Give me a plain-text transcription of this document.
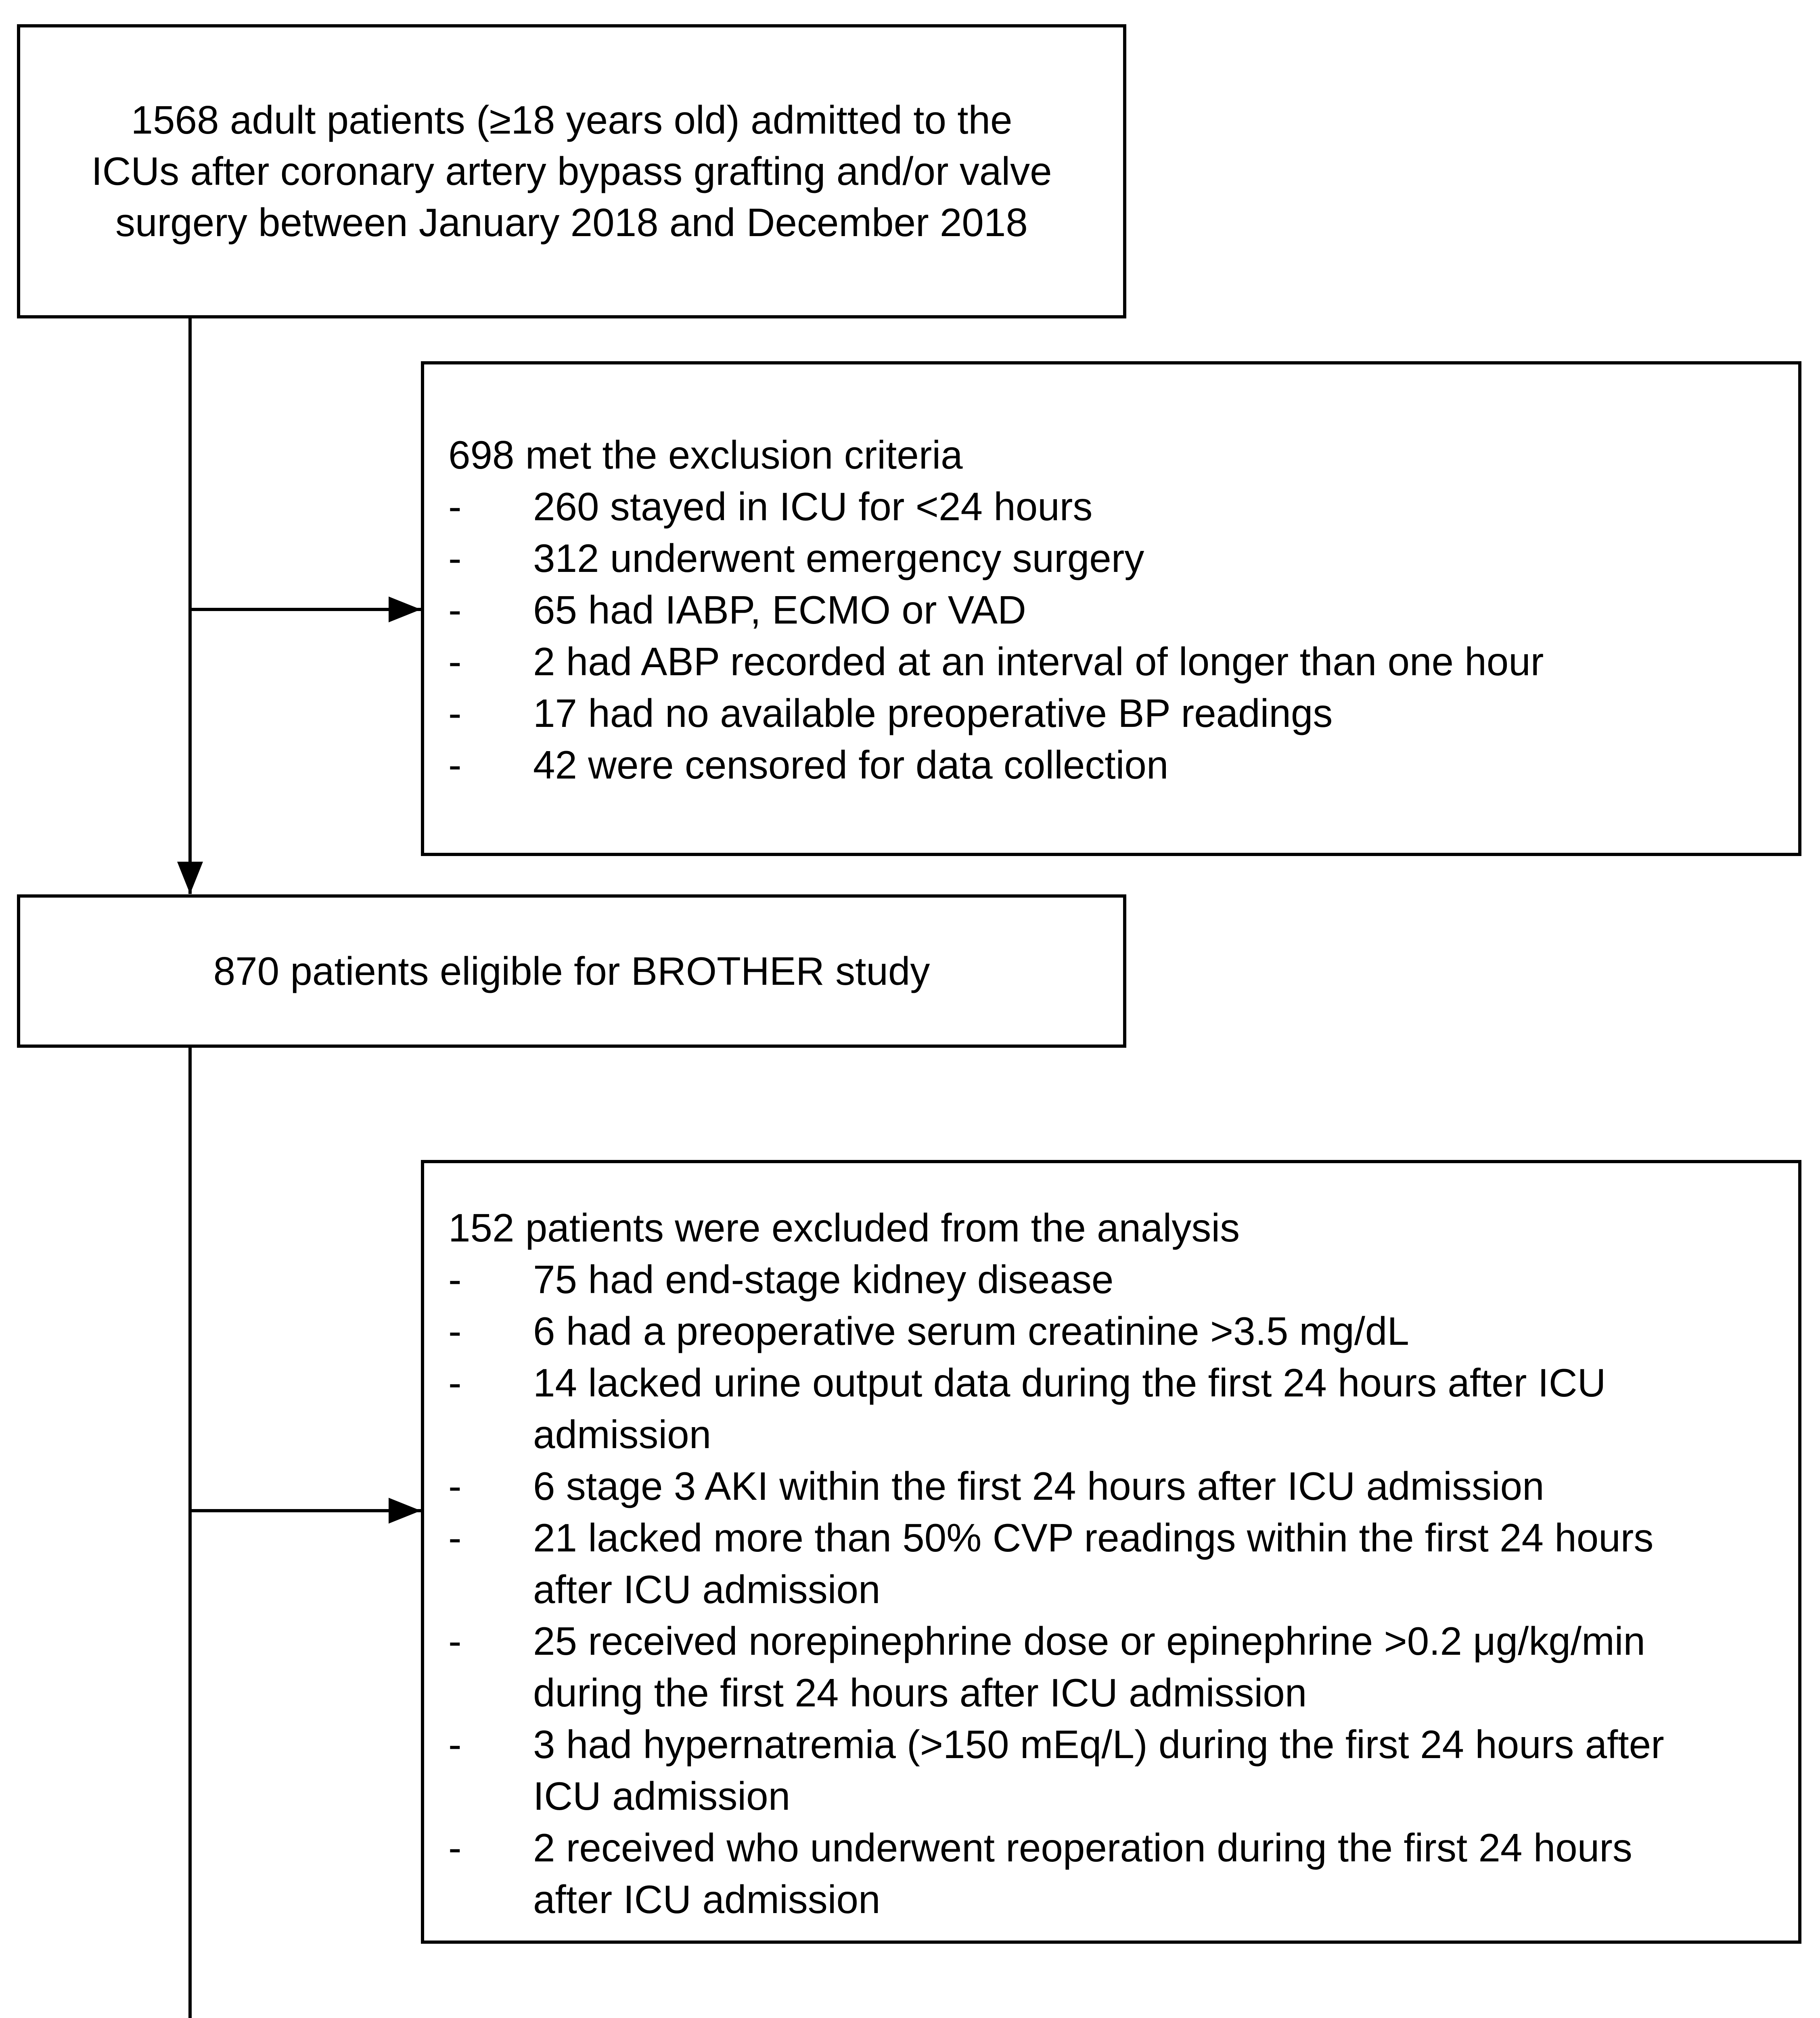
1568 adult patients (≥18 years old) admitted to the
ICUs after coronary artery bypass grafting and/or valve
surgery between January 2018 and December 2018
698 met the exclusion criteria
- 260 stayed in ICU for <24 hours
- 312 underwent emergency surgery
- 65 had IABP, ECMO or VAD
- 2 had ABP recorded at an interval of longer than one hour
- 17 had no available preoperative BP readings
- 42 were censored for data collection
870 patients eligible for BROTHER study
152 patients were excluded from the analysis
- 75 had end-stage kidney disease
- 6 had a preoperative serum creatinine >3.5 mg/dL
- 14 lacked urine output data during the first 24 hours after ICU
admission
- 6 stage 3 AKI within the first 24 hours after ICU admission
- 21 lacked more than 50% CVP readings within the first 24 hours
after ICU admission
- 25 received norepinephrine dose or epinephrine >0.2 μg/kg/min
during the first 24 hours after ICU admission
- 3 had hypernatremia (>150 mEq/L) during the first 24 hours after
ICU admission
- 2 received who underwent reoperation during the first 24 hours
after ICU admission
